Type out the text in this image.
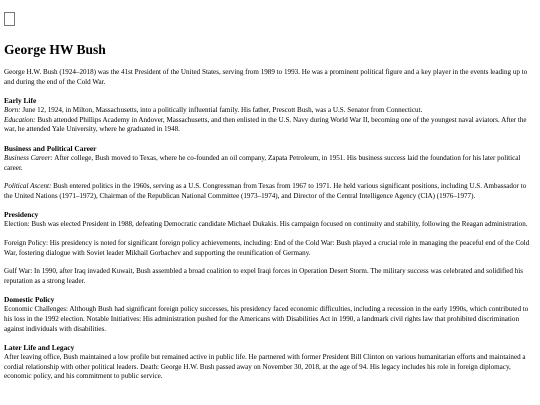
George HW Bush

George H.W. Bush (1924–2018) was the 41st President of the United States, serving from 1989 to 1993. He was a prominent political figure and a key player in the events leading up to and during the end of the Cold War.

Early Life

Born: June 12, 1924, in Milton, Massachusetts, into a politically influential family. His father, Prescott Bush, was a U.S. Senator from Connecticut.
Education: Bush attended Phillips Academy in Andover, Massachusetts, and then enlisted in the U.S. Navy during World War II, becoming one of the youngest naval aviators. After the war, he attended Yale University, where he graduated in 1948.

Business and Political Career

Business Career: After college, Bush moved to Texas, where he co-founded an oil company, Zapata Petroleum, in 1951. His business success laid the foundation for his later political career.

Political Ascent: Bush entered politics in the 1960s, serving as a U.S. Congressman from Texas from 1967 to 1971. He held various significant positions, including U.S. Ambassador to the United Nations (1971–1972), Chairman of the Republican National Committee (1973–1974), and Director of the Central Intelligence Agency (CIA) (1976–1977).

Presidency

Election: Bush was elected President in 1988, defeating Democratic candidate Michael Dukakis. His campaign focused on continuity and stability, following the Reagan administration.

Foreign Policy: His presidency is noted for significant foreign policy achievements, including: End of the Cold War: Bush played a crucial role in managing the peaceful end of the Cold War, fostering dialogue with Soviet leader Mikhail Gorbachev and supporting the reunification of Germany.

Gulf War: In 1990, after Iraq invaded Kuwait, Bush assembled a broad coalition to expel Iraqi forces in Operation Desert Storm. The military success was celebrated and solidified his reputation as a strong leader.

Domestic Policy

Economic Challenges: Although Bush had significant foreign policy successes, his presidency faced economic difficulties, including a recession in the early 1990s, which contributed to his loss in the 1992 election. Notable Initiatives: His administration pushed for the Americans with Disabilities Act in 1990, a landmark civil rights law that prohibited discrimination against individuals with disabilities.

Later Life and Legacy

After leaving office, Bush maintained a low profile but remained active in public life. He partnered with former President Bill Clinton on various humanitarian efforts and maintained a cordial relationship with other political leaders. Death: George H.W. Bush passed away on November 30, 2018, at the age of 94. His legacy includes his role in foreign diplomacy, economic policy, and his commitment to public service.
